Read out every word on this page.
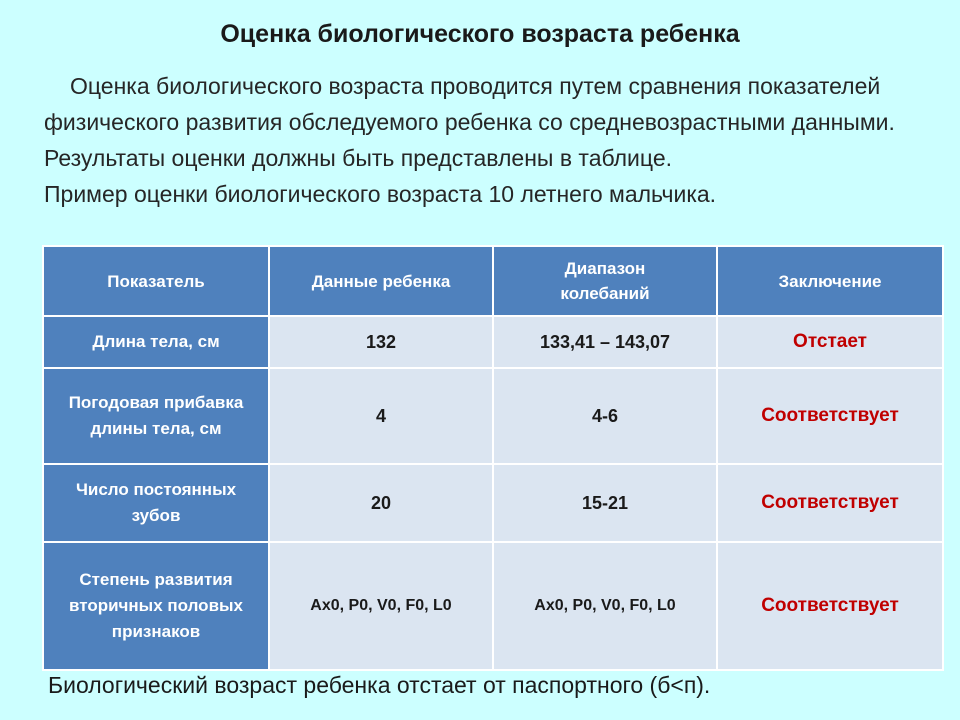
Оценка биологического возраста ребенка

Оценка биологического возраста проводится путем сравнения показателей физического развития обследуемого ребенка со средневозрастными данными. Результаты оценки должны быть представлены в таблице.

Пример оценки биологического возраста 10 летнего мальчика.

Показатель	Данные ребенка	Диапазон колебаний	Заключение
Длина тела, см	132	133,41 – 143,07	Отстает
Погодовая прибавка длины тела, см	4	4-6	Соответствует
Число постоянных зубов	20	15-21	Соответствует
Степень развития вторичных половых признаков	Ax0, P0, V0, F0, L0	Ax0, P0, V0, F0, L0	Соответствует
Биологический возраст ребенка отстает от паспортного (б<п).
